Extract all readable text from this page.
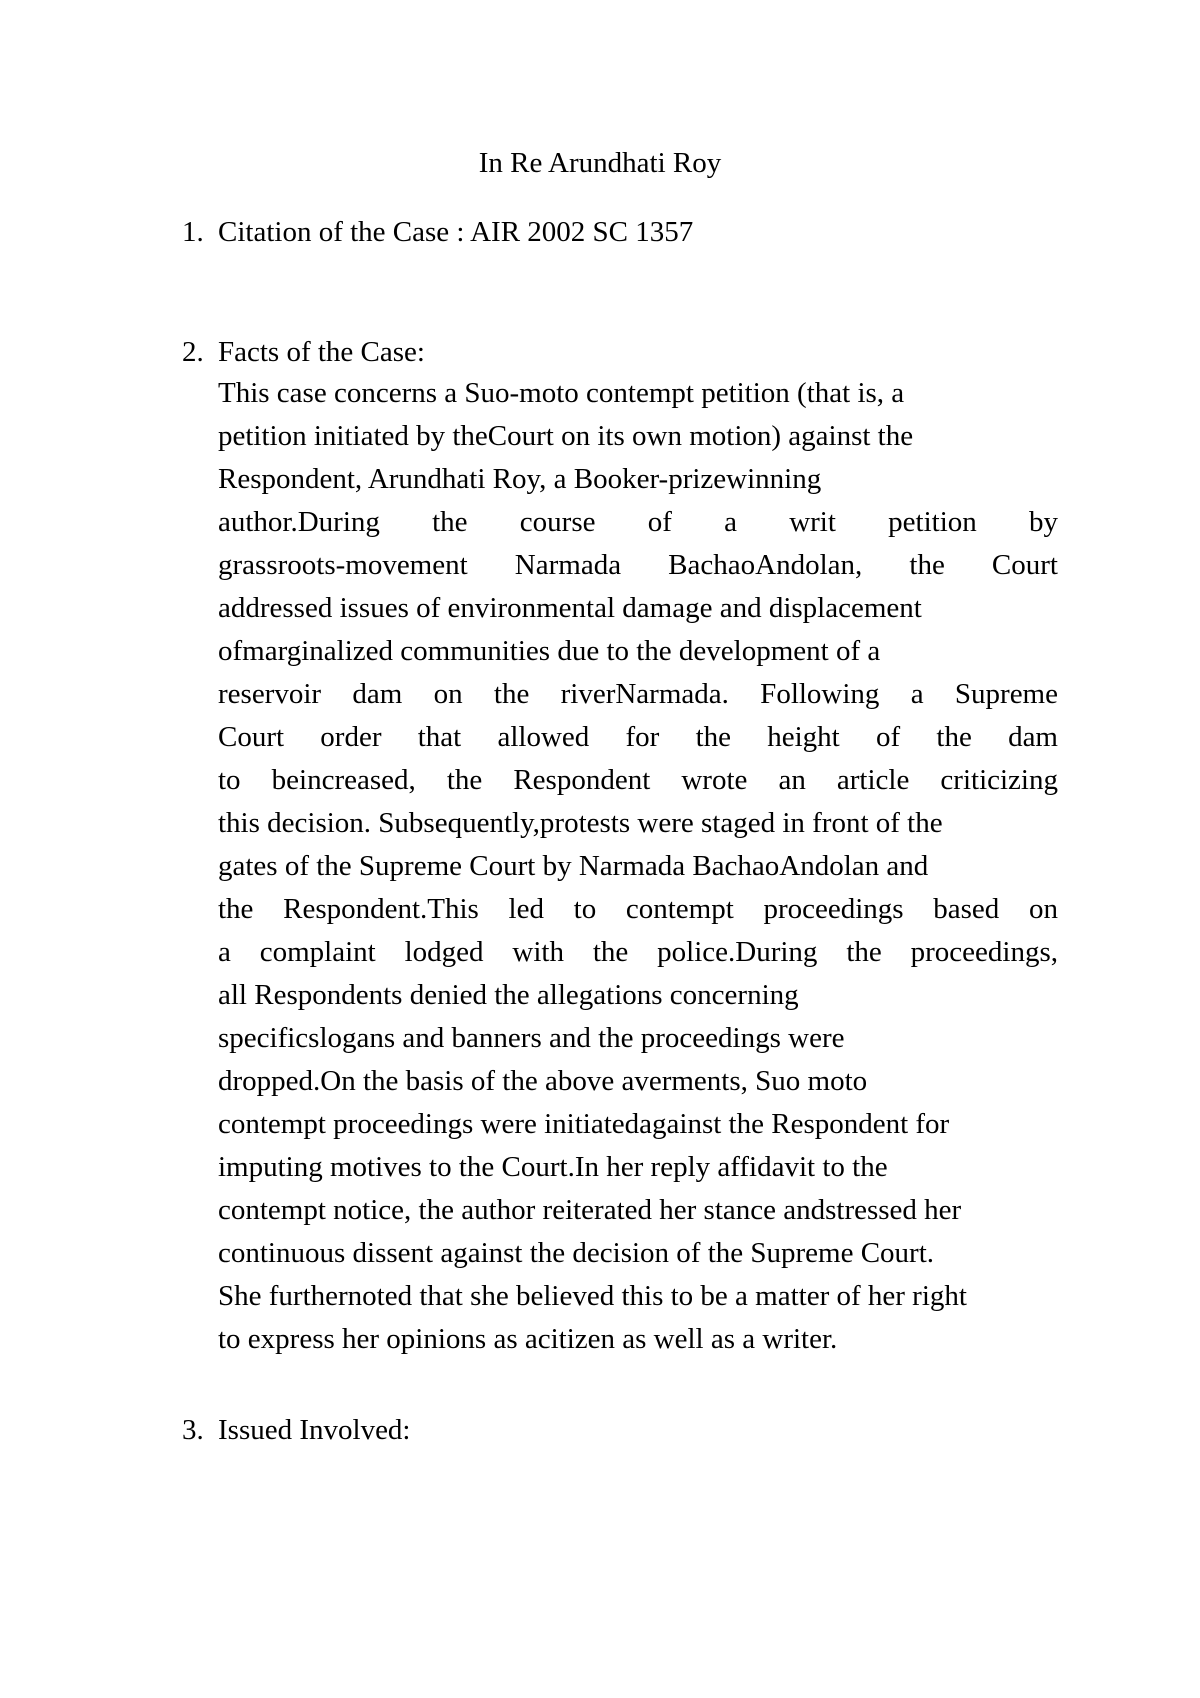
In Re Arundhati Roy
1. Citation of the Case : AIR 2002 SC 1357
2. Facts of the Case:
This case concerns a Suo-moto contempt petition (that is, a
petition initiated by theCourt on its own motion) against the
Respondent, Arundhati Roy, a Booker-prizewinning
author.During the course of a writ petition by
grassroots-movement Narmada BachaoAndolan, the Court
addressed issues of environmental damage and displacement
ofmarginalized communities due to the development of a
reservoir dam on the riverNarmada. Following a Supreme
Court order that allowed for the height of the dam
to beincreased, the Respondent wrote an article criticizing
this decision. Subsequently,protests were staged in front of the
gates of the Supreme Court by Narmada BachaoAndolan and
the Respondent.This led to contempt proceedings based on
a complaint lodged with the police.During the proceedings,
all Respondents denied the allegations concerning
specificslogans and banners and the proceedings were
dropped.On the basis of the above averments, Suo moto
contempt proceedings were initiatedagainst the Respondent for
imputing motives to the Court.In her reply affidavit to the
contempt notice, the author reiterated her stance andstressed her
continuous dissent against the decision of the Supreme Court.
She furthernoted that she believed this to be a matter of her right
to express her opinions as acitizen as well as a writer.
3. Issued Involved:
